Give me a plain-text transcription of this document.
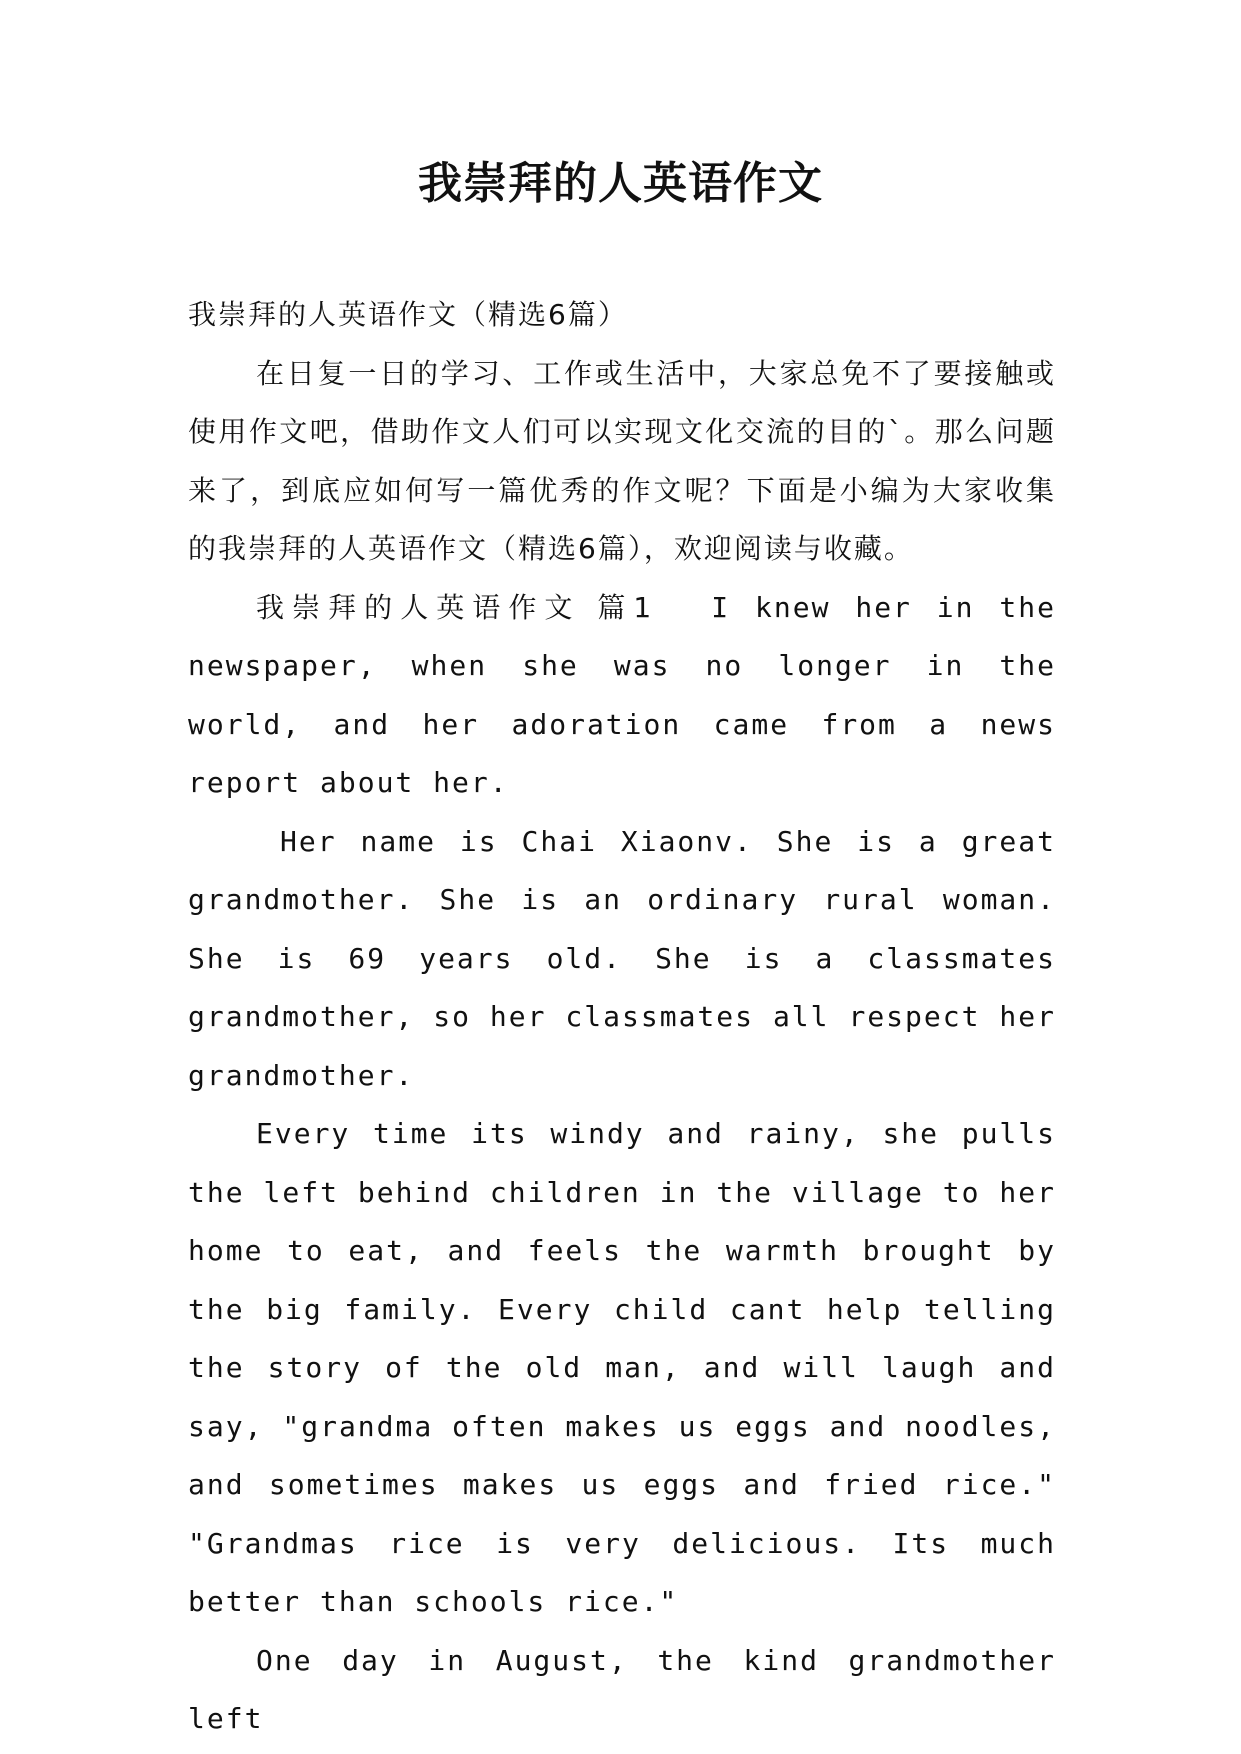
我崇拜的人英语作文

我崇拜的人英语作文（精选6篇）

在日复一日的学习、工作或生活中，大家总免不了要接触或使用作文吧，借助作文人们可以实现文化交流的目的`。那么问题来了，到底应如何写一篇优秀的作文呢？下面是小编为大家收集的我崇拜的人英语作文（精选6篇），欢迎阅读与收藏。

我崇拜的人英语作文 篇1 I knew her in the newspaper, when she was no longer in the world, and her adoration came from a news report about her.

Her name is Chai Xiaonv. She is a great grandmother. She is an ordinary rural woman. She is 69 years old. She is a classmates grandmother, so her classmates all respect her grandmother.

Every time its windy and rainy, she pulls the left behind children in the village to her home to eat, and feels the warmth brought by the big family. Every child cant help telling the story of the old man, and will laugh and say, "grandma often makes us eggs and noodles, and sometimes makes us eggs and fried rice." "Grandmas rice is very delicious. Its much better than schools rice."

One day in August, the kind grandmother left
